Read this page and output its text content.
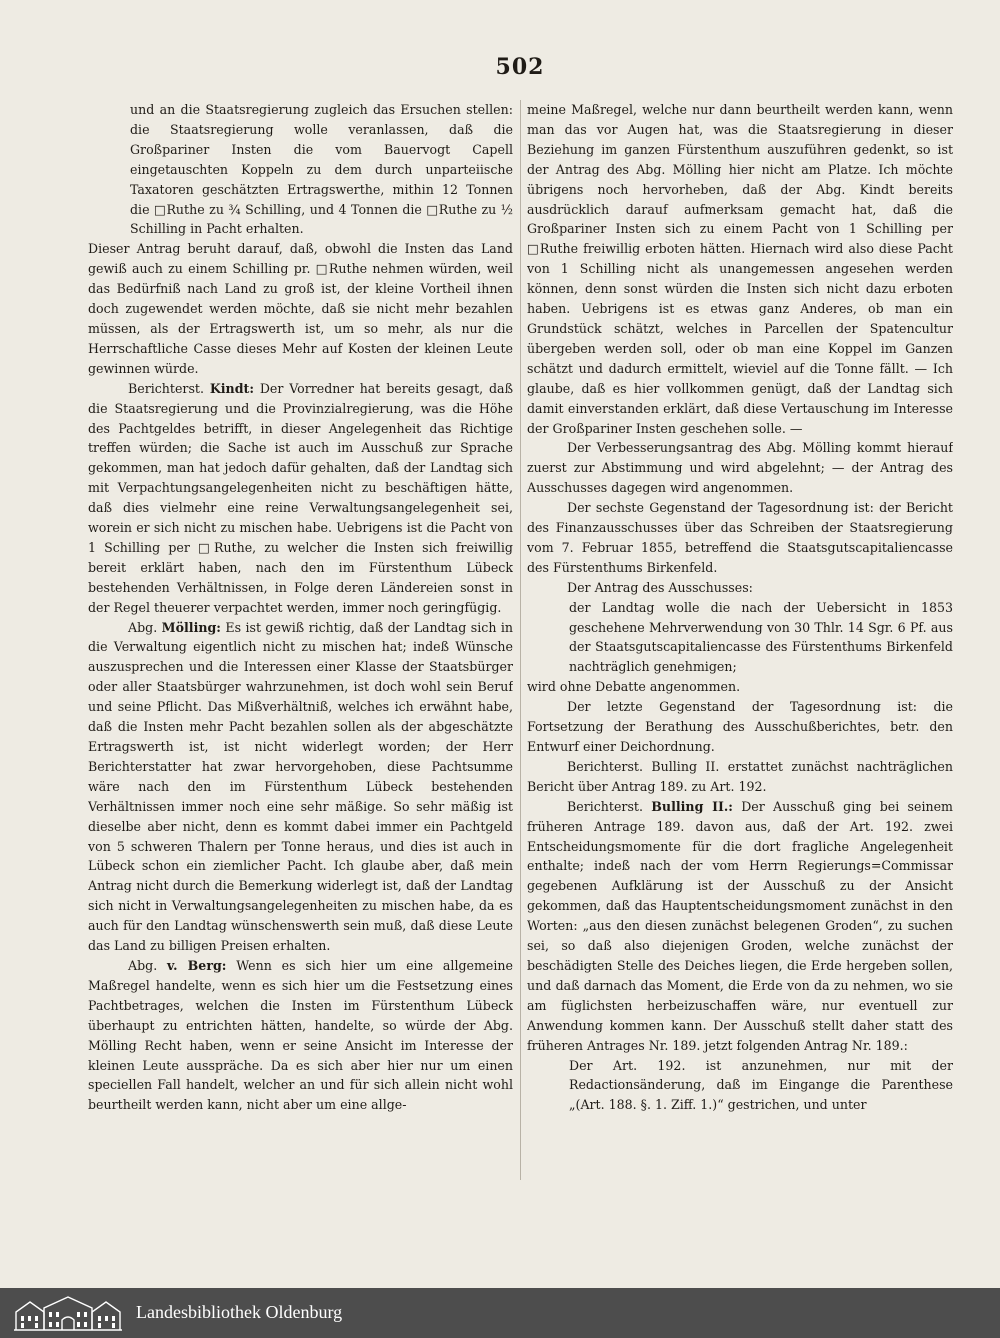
502

und an die Staatsregierung zugleich das Ersuchen stellen: die Staatsregierung wolle veranlassen, daß die Großpariner Insten die vom Bauervogt Capell eingetauschten Koppeln zu dem durch unparteiische Taxatoren geschätzten Ertragswerthe, mithin 12 Tonnen die □Ruthe zu ¾ Schilling, und 4 Tonnen die □Ruthe zu ½ Schilling in Pacht erhalten.

Dieser Antrag beruht darauf, daß, obwohl die Insten das Land gewiß auch zu einem Schilling pr. □Ruthe nehmen würden, weil das Bedürfniß nach Land zu groß ist, der kleine Vortheil ihnen doch zugewendet werden möchte, daß sie nicht mehr bezahlen müssen, als der Ertragswerth ist, um so mehr, als nur die Herrschaftliche Casse dieses Mehr auf Kosten der kleinen Leute gewinnen würde.

Berichterst. Kindt: Der Vorredner hat bereits gesagt, daß die Staatsregierung und die Provinzialregierung, was die Höhe des Pachtgeldes betrifft, in dieser Angelegenheit das Richtige treffen würden; die Sache ist auch im Ausschuß zur Sprache gekommen, man hat jedoch dafür gehalten, daß der Landtag sich mit Verpachtungsangelegenheiten nicht zu beschäftigen hätte, daß dies vielmehr eine reine Verwaltungsangelegenheit sei, worein er sich nicht zu mischen habe. Uebrigens ist die Pacht von 1 Schilling per □Ruthe, zu welcher die Insten sich freiwillig bereit erklärt haben, nach den im Fürstenthum Lübeck bestehenden Verhältnissen, in Folge deren Ländereien sonst in der Regel theuerer verpachtet werden, immer noch geringfügig.

Abg. Mölling: Es ist gewiß richtig, daß der Landtag sich in die Verwaltung eigentlich nicht zu mischen hat; indeß Wünsche auszusprechen und die Interessen einer Klasse der Staatsbürger oder aller Staatsbürger wahrzunehmen, ist doch wohl sein Beruf und seine Pflicht. Das Mißverhältniß, welches ich erwähnt habe, daß die Insten mehr Pacht bezahlen sollen als der abgeschätzte Ertragswerth ist, ist nicht widerlegt worden; der Herr Berichterstatter hat zwar hervorgehoben, diese Pachtsumme wäre nach den im Fürstenthum Lübeck bestehenden Verhältnissen immer noch eine sehr mäßige. So sehr mäßig ist dieselbe aber nicht, denn es kommt dabei immer ein Pachtgeld von 5 schweren Thalern per Tonne heraus, und dies ist auch in Lübeck schon ein ziemlicher Pacht. Ich glaube aber, daß mein Antrag nicht durch die Bemerkung widerlegt ist, daß der Landtag sich nicht in Verwaltungsangelegenheiten zu mischen habe, da es auch für den Landtag wünschenswerth sein muß, daß diese Leute das Land zu billigen Preisen erhalten.

Abg. v. Berg: Wenn es sich hier um eine allgemeine Maßregel handelte, wenn es sich hier um die Festsetzung eines Pachtbetrages, welchen die Insten im Fürstenthum Lübeck überhaupt zu entrichten hätten, handelte, so würde der Abg. Mölling Recht haben, wenn er seine Ansicht im Interesse der kleinen Leute ausspräche. Da es sich aber hier nur um einen speciellen Fall handelt, welcher an und für sich allein nicht wohl beurtheilt werden kann, nicht aber um eine allge-

meine Maßregel, welche nur dann beurtheilt werden kann, wenn man das vor Augen hat, was die Staatsregierung in dieser Beziehung im ganzen Fürstenthum auszuführen gedenkt, so ist der Antrag des Abg. Mölling hier nicht am Platze. Ich möchte übrigens noch hervorheben, daß der Abg. Kindt bereits ausdrücklich darauf aufmerksam gemacht hat, daß die Großpariner Insten sich zu einem Pacht von 1 Schilling per □Ruthe freiwillig erboten hätten. Hiernach wird also diese Pacht von 1 Schilling nicht als unangemessen angesehen werden können, denn sonst würden die Insten sich nicht dazu erboten haben. Uebrigens ist es etwas ganz Anderes, ob man ein Grundstück schätzt, welches in Parcellen der Spatencultur übergeben werden soll, oder ob man eine Koppel im Ganzen schätzt und dadurch ermittelt, wieviel auf die Tonne fällt. — Ich glaube, daß es hier vollkommen genügt, daß der Landtag sich damit einverstanden erklärt, daß diese Vertauschung im Interesse der Großpariner Insten geschehen solle. —

Der Verbesserungsantrag des Abg. Mölling kommt hierauf zuerst zur Abstimmung und wird abgelehnt; — der Antrag des Ausschusses dagegen wird angenommen.

Der sechste Gegenstand der Tagesordnung ist: der Bericht des Finanzausschusses über das Schreiben der Staatsregierung vom 7. Februar 1855, betreffend die Staatsgutscapitaliencasse des Fürstenthums Birkenfeld.

Der Antrag des Ausschusses:

der Landtag wolle die nach der Uebersicht in 1853 geschehene Mehrverwendung von 30 Thlr. 14 Sgr. 6 Pf. aus der Staatsgutscapitaliencasse des Fürstenthums Birkenfeld nachträglich genehmigen;

wird ohne Debatte angenommen.

Der letzte Gegenstand der Tagesordnung ist: die Fortsetzung der Berathung des Ausschußberichtes, betr. den Entwurf einer Deichordnung.

Berichterst. Bulling II. erstattet zunächst nachträglichen Bericht über Antrag 189. zu Art. 192.

Berichterst. Bulling II.: Der Ausschuß ging bei seinem früheren Antrage 189. davon aus, daß der Art. 192. zwei Entscheidungsmomente für die dort fragliche Angelegenheit enthalte; indeß nach der vom Herrn Regierungs=Commissar gegebenen Aufklärung ist der Ausschuß zu der Ansicht gekommen, daß das Hauptentscheidungsmoment zunächst in den Worten: „aus den diesen zunächst belegenen Groden“, zu suchen sei, so daß also diejenigen Groden, welche zunächst der beschädigten Stelle des Deiches liegen, die Erde hergeben sollen, und daß darnach das Moment, die Erde von da zu nehmen, wo sie am füglichsten herbeizuschaffen wäre, nur eventuell zur Anwendung kommen kann. Der Ausschuß stellt daher statt des früheren Antrages Nr. 189. jetzt folgenden Antrag Nr. 189.:

Der Art. 192. ist anzunehmen, nur mit der Redactionsänderung, daß im Eingange die Parenthese „(Art. 188. §. 1. Ziff. 1.)“ gestrichen, und unter

Landesbibliothek Oldenburg
